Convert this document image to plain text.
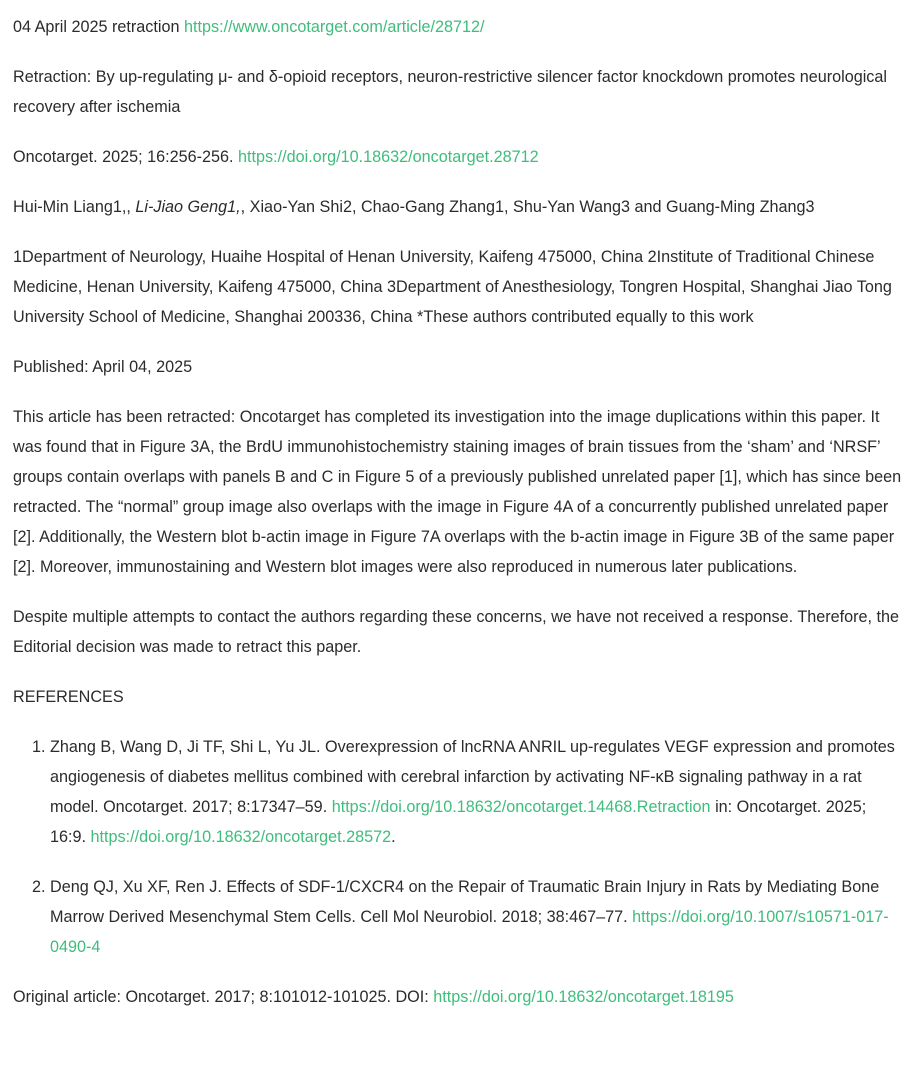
04 April 2025 retraction https://www.oncotarget.com/article/28712/

Retraction: By up-regulating μ- and δ-opioid receptors, neuron-restrictive silencer factor knockdown promotes neurological recovery after ischemia

Oncotarget. 2025; 16:256-256. https://doi.org/10.18632/oncotarget.28712

Hui-Min Liang1,, Li-Jiao Geng1,, Xiao-Yan Shi2, Chao-Gang Zhang1, Shu-Yan Wang3 and Guang-Ming Zhang3

1Department of Neurology, Huaihe Hospital of Henan University, Kaifeng 475000, China 2Institute of Traditional Chinese Medicine, Henan University, Kaifeng 475000, China 3Department of Anesthesiology, Tongren Hospital, Shanghai Jiao Tong University School of Medicine, Shanghai 200336, China *These authors contributed equally to this work

Published: April 04, 2025

This article has been retracted: Oncotarget has completed its investigation into the image duplications within this paper. It was found that in Figure 3A, the BrdU immunohistochemistry staining images of brain tissues from the ‘sham’ and ‘NRSF’ groups contain overlaps with panels B and C in Figure 5 of a previously published unrelated paper [1], which has since been retracted. The “normal” group image also overlaps with the image in Figure 4A of a concurrently published unrelated paper [2]. Additionally, the Western blot b-actin image in Figure 7A overlaps with the b-actin image in Figure 3B of the same paper [2]. Moreover, immunostaining and Western blot images were also reproduced in numerous later publications.

Despite multiple attempts to contact the authors regarding these concerns, we have not received a response. Therefore, the Editorial decision was made to retract this paper.

REFERENCES

1. Zhang B, Wang D, Ji TF, Shi L, Yu JL. Overexpression of lncRNA ANRIL up-regulates VEGF expression and promotes angiogenesis of diabetes mellitus combined with cerebral infarction by activating NF-κB signaling pathway in a rat model. Oncotarget. 2017; 8:17347–59. https://doi.org/10.18632/oncotarget.14468.Retraction in: Oncotarget. 2025; 16:9. https://doi.org/10.18632/oncotarget.28572.
2. Deng QJ, Xu XF, Ren J. Effects of SDF-1/CXCR4 on the Repair of Traumatic Brain Injury in Rats by Mediating Bone Marrow Derived Mesenchymal Stem Cells. Cell Mol Neurobiol. 2018; 38:467–77. https://doi.org/10.1007/s10571-017-0490-4

Original article: Oncotarget. 2017; 8:101012-101025. DOI: https://doi.org/10.18632/oncotarget.18195
